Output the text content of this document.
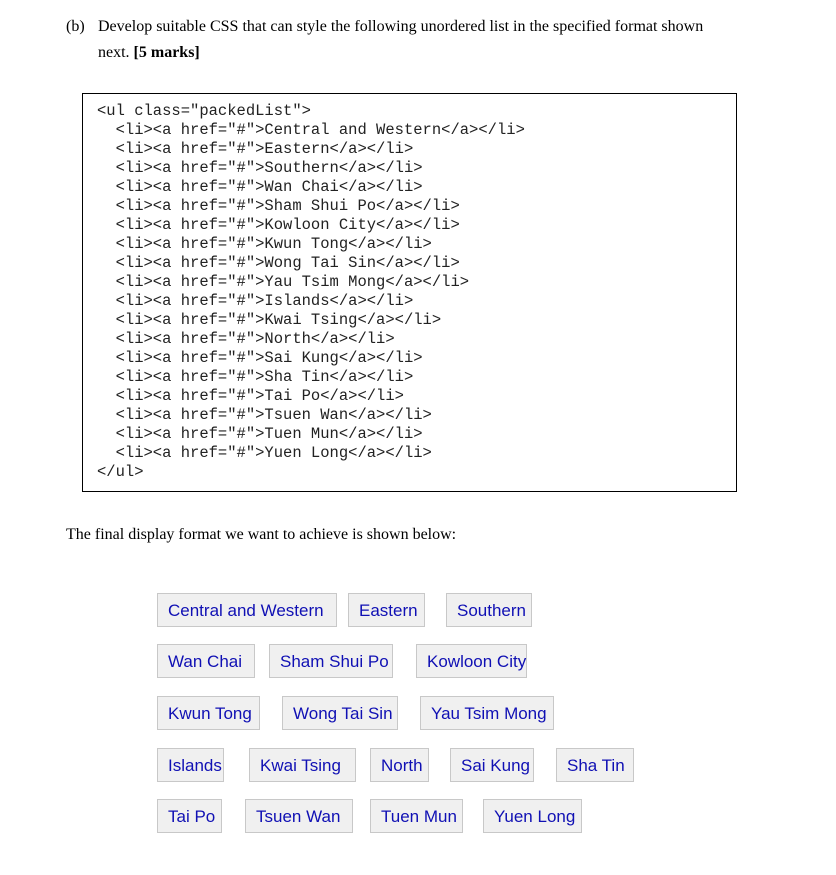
(b) Develop suitable CSS that can style the following unordered list in the specified format shown
next. [5 marks]
<ul class="packedList">
<li><a href="#">Central and Western</a></li>
<li><a href="#">Eastern</a></li>
<li><a href="#">Southern</a></li>
<li><a href="#">Wan Chai</a></li>
<li><a href="#">Sham Shui Po</a></li>
<li><a href="#">Kowloon City</a></li>
<li><a href="#">Kwun Tong</a></li>
<li><a href="#">Wong Tai Sin</a></li>
<li><a href="#">Yau Tsim Mong</a></li>
<li><a href="#">Islands</a></li>
<li><a href="#">Kwai Tsing</a></li>
<li><a href="#">North</a></li>
<li><a href="#">Sai Kung</a></li>
<li><a href="#">Sha Tin</a></li>
<li><a href="#">Tai Po</a></li>
<li><a href="#">Tsuen Wan</a></li>
<li><a href="#">Tuen Mun</a></li>
<li><a href="#">Yuen Long</a></li>
</ul>
The final display format we want to achieve is shown below:
Central and Western	Eastern	Southern
Wan Chai	Sham Shui Po	Kowloon City
Kwun Tong	Wong Tai Sin	Yau Tsim Mong
Islands	Kwai Tsing	North	Sai Kung	Sha Tin
Tai Po	Tsuen Wan	Tuen Mun	Yuen Long
